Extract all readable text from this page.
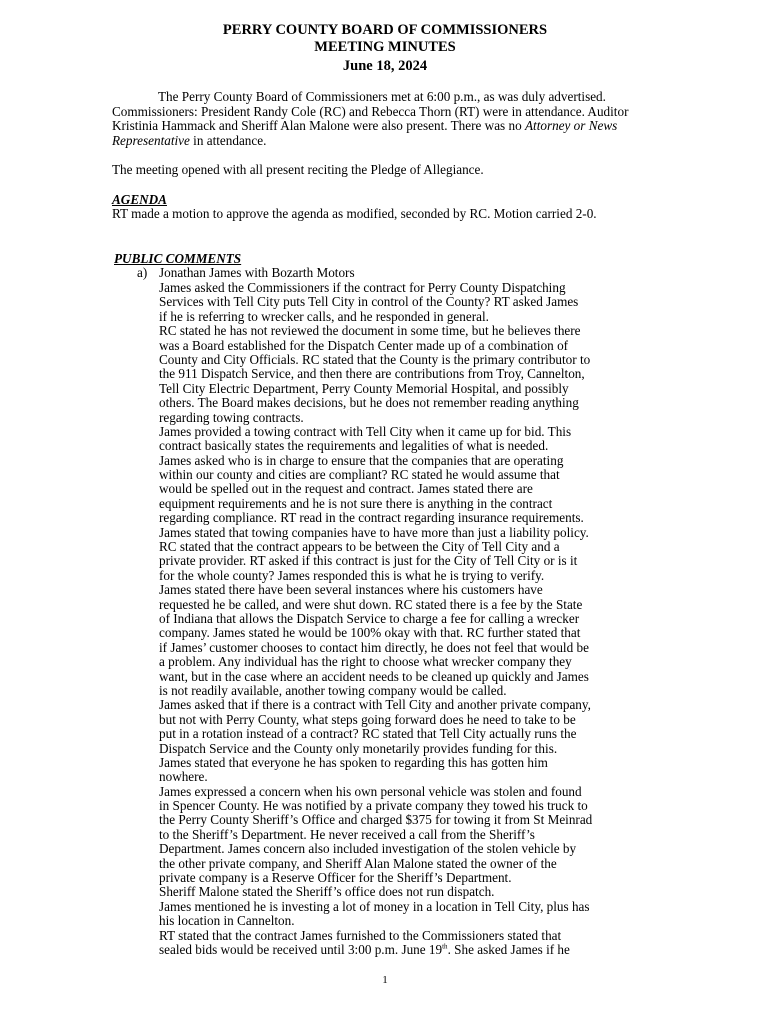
PERRY COUNTY BOARD OF COMMISSIONERS
MEETING MINUTES
June 18, 2024

The Perry County Board of Commissioners met at 6:00 p.m., as was duly advertised. Commissioners: President Randy Cole (RC) and Rebecca Thorn (RT) were in attendance. Auditor Kristinia Hammack and Sheriff Alan Malone were also present. There was no Attorney or News Representative in attendance.

The meeting opened with all present reciting the Pledge of Allegiance.

AGENDA

RT made a motion to approve the agenda as modified, seconded by RC. Motion carried 2-0.

PUBLIC COMMENTS
a) Jonathan James with Bozarth Motors
James asked the Commissioners if the contract for Perry County Dispatching
Services with Tell City puts Tell City in control of the County? RT asked James
if he is referring to wrecker calls, and he responded in general.
RC stated he has not reviewed the document in some time, but he believes there
was a Board established for the Dispatch Center made up of a combination of
County and City Officials. RC stated that the County is the primary contributor to
the 911 Dispatch Service, and then there are contributions from Troy, Cannelton,
Tell City Electric Department, Perry County Memorial Hospital, and possibly
others. The Board makes decisions, but he does not remember reading anything
regarding towing contracts.
James provided a towing contract with Tell City when it came up for bid. This
contract basically states the requirements and legalities of what is needed.
James asked who is in charge to ensure that the companies that are operating
within our county and cities are compliant? RC stated he would assume that
would be spelled out in the request and contract. James stated there are
equipment requirements and he is not sure there is anything in the contract
regarding compliance. RT read in the contract regarding insurance requirements.
James stated that towing companies have to have more than just a liability policy.
RC stated that the contract appears to be between the City of Tell City and a
private provider. RT asked if this contract is just for the City of Tell City or is it
for the whole county? James responded this is what he is trying to verify.
James stated there have been several instances where his customers have
requested he be called, and were shut down. RC stated there is a fee by the State
of Indiana that allows the Dispatch Service to charge a fee for calling a wrecker
company. James stated he would be 100% okay with that. RC further stated that
if James’ customer chooses to contact him directly, he does not feel that would be
a problem. Any individual has the right to choose what wrecker company they
want, but in the case where an accident needs to be cleaned up quickly and James
is not readily available, another towing company would be called.
James asked that if there is a contract with Tell City and another private company,
but not with Perry County, what steps going forward does he need to take to be
put in a rotation instead of a contract? RC stated that Tell City actually runs the
Dispatch Service and the County only monetarily provides funding for this.
James stated that everyone he has spoken to regarding this has gotten him
nowhere.
James expressed a concern when his own personal vehicle was stolen and found
in Spencer County. He was notified by a private company they towed his truck to
the Perry County Sheriff’s Office and charged $375 for towing it from St Meinrad
to the Sheriff’s Department. He never received a call from the Sheriff’s
Department. James concern also included investigation of the stolen vehicle by
the other private company, and Sheriff Alan Malone stated the owner of the
private company is a Reserve Officer for the Sheriff’s Department.
Sheriff Malone stated the Sheriff’s office does not run dispatch.
James mentioned he is investing a lot of money in a location in Tell City, plus has
his location in Cannelton.
RT stated that the contract James furnished to the Commissioners stated that
sealed bids would be received until 3:00 p.m. June 19th. She asked James if he
1
